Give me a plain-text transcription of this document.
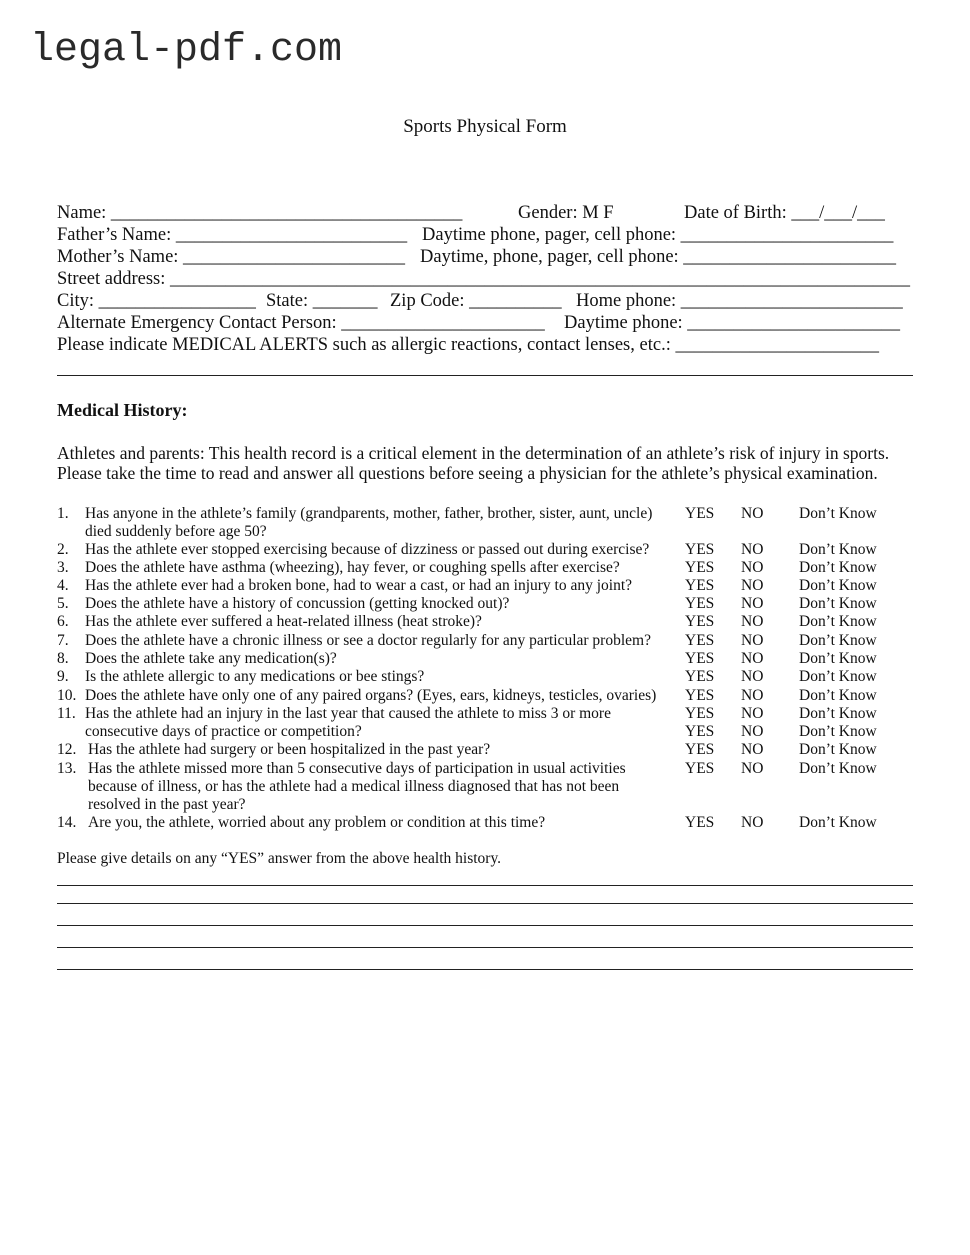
legal-pdf.com
Sports Physical Form
Name: ______________________________________	Gender: M F	Date of Birth: ___/___/___
Father’s Name: _________________________ Daytime phone, pager, cell phone: _______________________
Mother’s Name: ________________________ Daytime, phone, pager, cell phone: _______________________
Street address: ________________________________________________________________________________
City: _________________ State: _______ Zip Code: __________ Home phone: ________________________
Alternate Emergency Contact Person: ______________________ Daytime phone: _______________________
Please indicate MEDICAL ALERTS such as allergic reactions, contact lenses, etc.: ______________________
Medical History:
Athletes and parents: This health record is a critical element in the determination of an athlete’s risk of injury in sports.
Please take the time to read and answer all questions before seeing a physician for the athlete’s physical examination.
1. Has anyone in the athlete’s family (grandparents, mother, father, brother, sister, aunt, uncle) died suddenly before age 50?
YES NO Don’t Know
2. Has the athlete ever stopped exercising because of dizziness or passed out during exercise?	YES NO Don’t Know
3. Does the athlete have asthma (wheezing), hay fever, or coughing spells after exercise?	YES NO Don’t Know
4. Has the athlete ever had a broken bone, had to wear a cast, or had an injury to any joint?	YES NO Don’t Know
5. Does the athlete have a history of concussion (getting knocked out)?	YES NO Don’t Know
6. Has the athlete ever suffered a heat-related illness (heat stroke)?	YES NO Don’t Know
7. Does the athlete have a chronic illness or see a doctor regularly for any particular problem?	YES NO Don’t Know
8. Does the athlete take any medication(s)?	YES NO Don’t Know
9. Is the athlete allergic to any medications or bee stings?	YES NO Don’t Know
10. Does the athlete have only one of any paired organs? (Eyes, ears, kidneys, testicles, ovaries)	YES NO Don’t Know
11. Has the athlete had an injury in the last year that caused the athlete to miss 3 or more consecutive days of practice or competition?
YES NO Don’t Know
YES NO Don’t Know
12. Has the athlete had surgery or been hospitalized in the past year?	YES NO Don’t Know
13. Has the athlete missed more than 5 consecutive days of participation in usual activities because of illness, or has the athlete had a medical illness diagnosed that has not been resolved in the past year?
YES NO Don’t Know
14. Are you, the athlete, worried about any problem or condition at this time?	YES NO Don’t Know
Please give details on any “YES” answer from the above health history.
